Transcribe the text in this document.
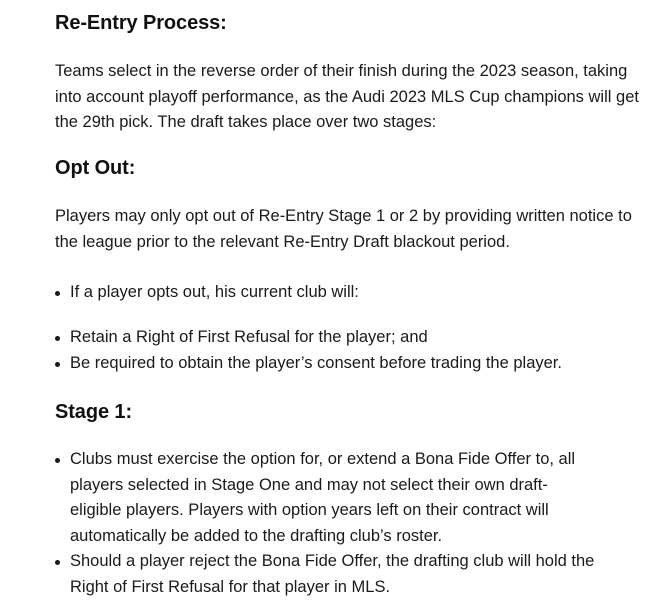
Re-Entry Process:

Teams select in the reverse order of their finish during the 2023 season, taking into account playoff performance, as the Audi 2023 MLS Cup champions will get the 29th pick. The draft takes place over two stages:

Opt Out:

Players may only opt out of Re-Entry Stage 1 or 2 by providing written notice to the league prior to the relevant Re-Entry Draft blackout period.

If a player opts out, his current club will:
Retain a Right of First Refusal for the player; and
Be required to obtain the player’s consent before trading the player.
Stage 1:
Clubs must exercise the option for, or extend a Bona Fide Offer to, all players selected in Stage One and may not select their own draft-eligible players. Players with option years left on their contract will automatically be added to the drafting club’s roster.
Should a player reject the Bona Fide Offer, the drafting club will hold the Right of First Refusal for that player in MLS.
